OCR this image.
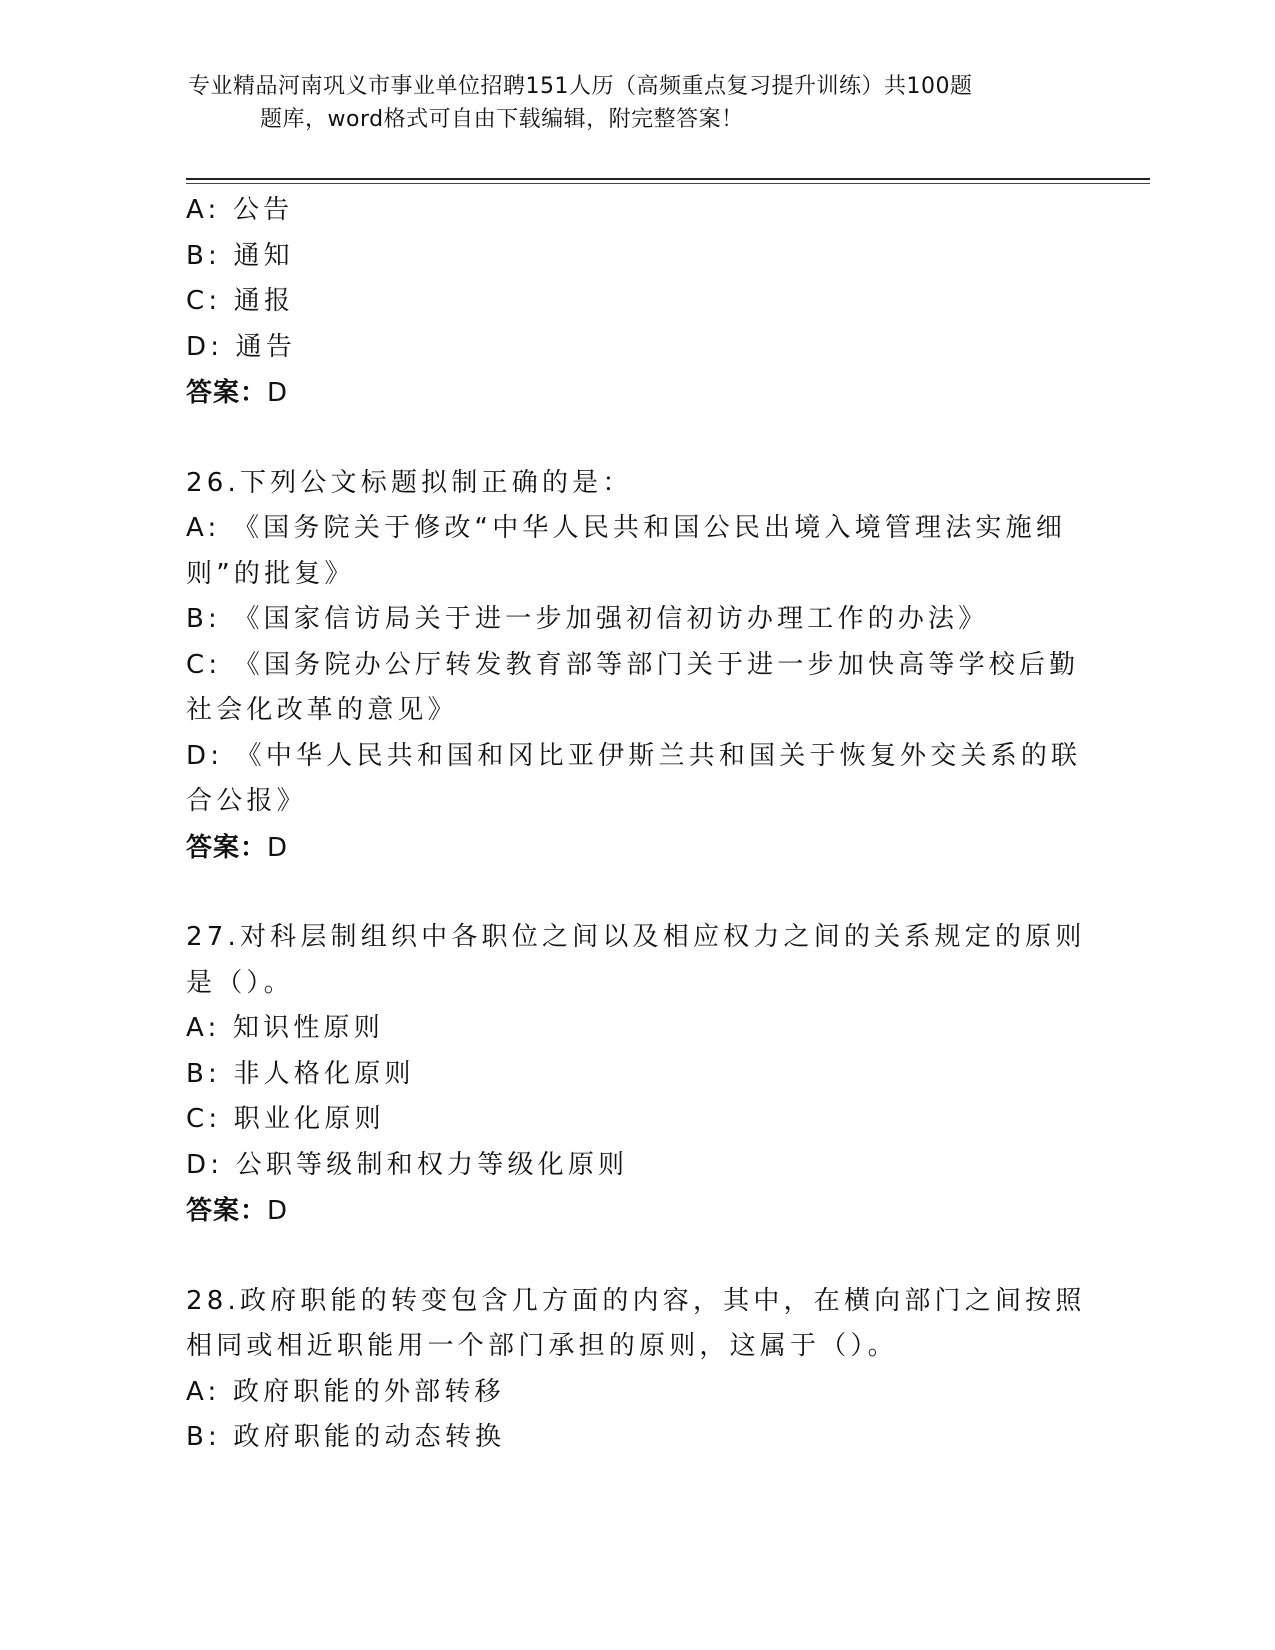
专业精品河南巩义市事业单位招聘151人历（高频重点复习提升训练）共100题
题库，word格式可自由下载编辑，附完整答案！

A: 公告

B: 通知

C: 通报

D: 通告

答案：D

26.下列公文标题拟制正确的是：

A: 《国务院关于修改“中华人民共和国公民出境入境管理法实施细则”的批复》

B: 《国家信访局关于进一步加强初信初访办理工作的办法》

C: 《国务院办公厅转发教育部等部门关于进一步加快高等学校后勤社会化改革的意见》

D: 《中华人民共和国和冈比亚伊斯兰共和国关于恢复外交关系的联合公报》

答案：D

27.对科层制组织中各职位之间以及相应权力之间的关系规定的原则是（）。

A: 知识性原则

B: 非人格化原则

C: 职业化原则

D: 公职等级制和权力等级化原则

答案：D

28.政府职能的转变包含几方面的内容，其中，在横向部门之间按照相同或相近职能用一个部门承担的原则，这属于（）。

A: 政府职能的外部转移

B: 政府职能的动态转换
